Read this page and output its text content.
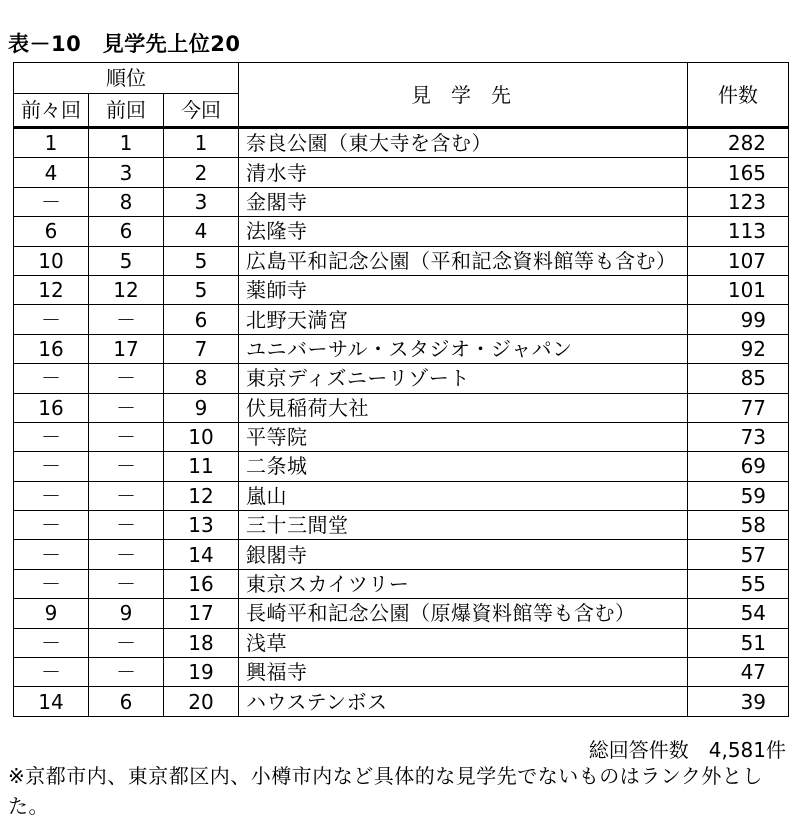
表－10　見学先上位20
順位			見学先	件数
前々回	前回	今回		
1	1	1	奈良公園（東大寺を含む）	282
4	3	2	清水寺	165
－	8	3	金閣寺	123
6	6	4	法隆寺	113
10	5	5	広島平和記念公園（平和記念資料館等も含む）	107
12	12	5	薬師寺	101
－	－	6	北野天満宮	99
16	17	7	ユニバーサル・スタジオ・ジャパン	92
－	－	8	東京ディズニーリゾート	85
16	－	9	伏見稲荷大社	77
－	－	10	平等院	73
－	－	11	二条城	69
－	－	12	嵐山	59
－	－	13	三十三間堂	58
－	－	14	銀閣寺	57
－	－	16	東京スカイツリー	55
9	9	17	長崎平和記念公園（原爆資料館等も含む）	54
－	－	18	浅草	51
－	－	19	興福寺	47
14	6	20	ハウステンボス	39
総回答件数　4,581件
※京都市内、東京都区内、小樽市内など具体的な見学先でないものはランク外とした。
